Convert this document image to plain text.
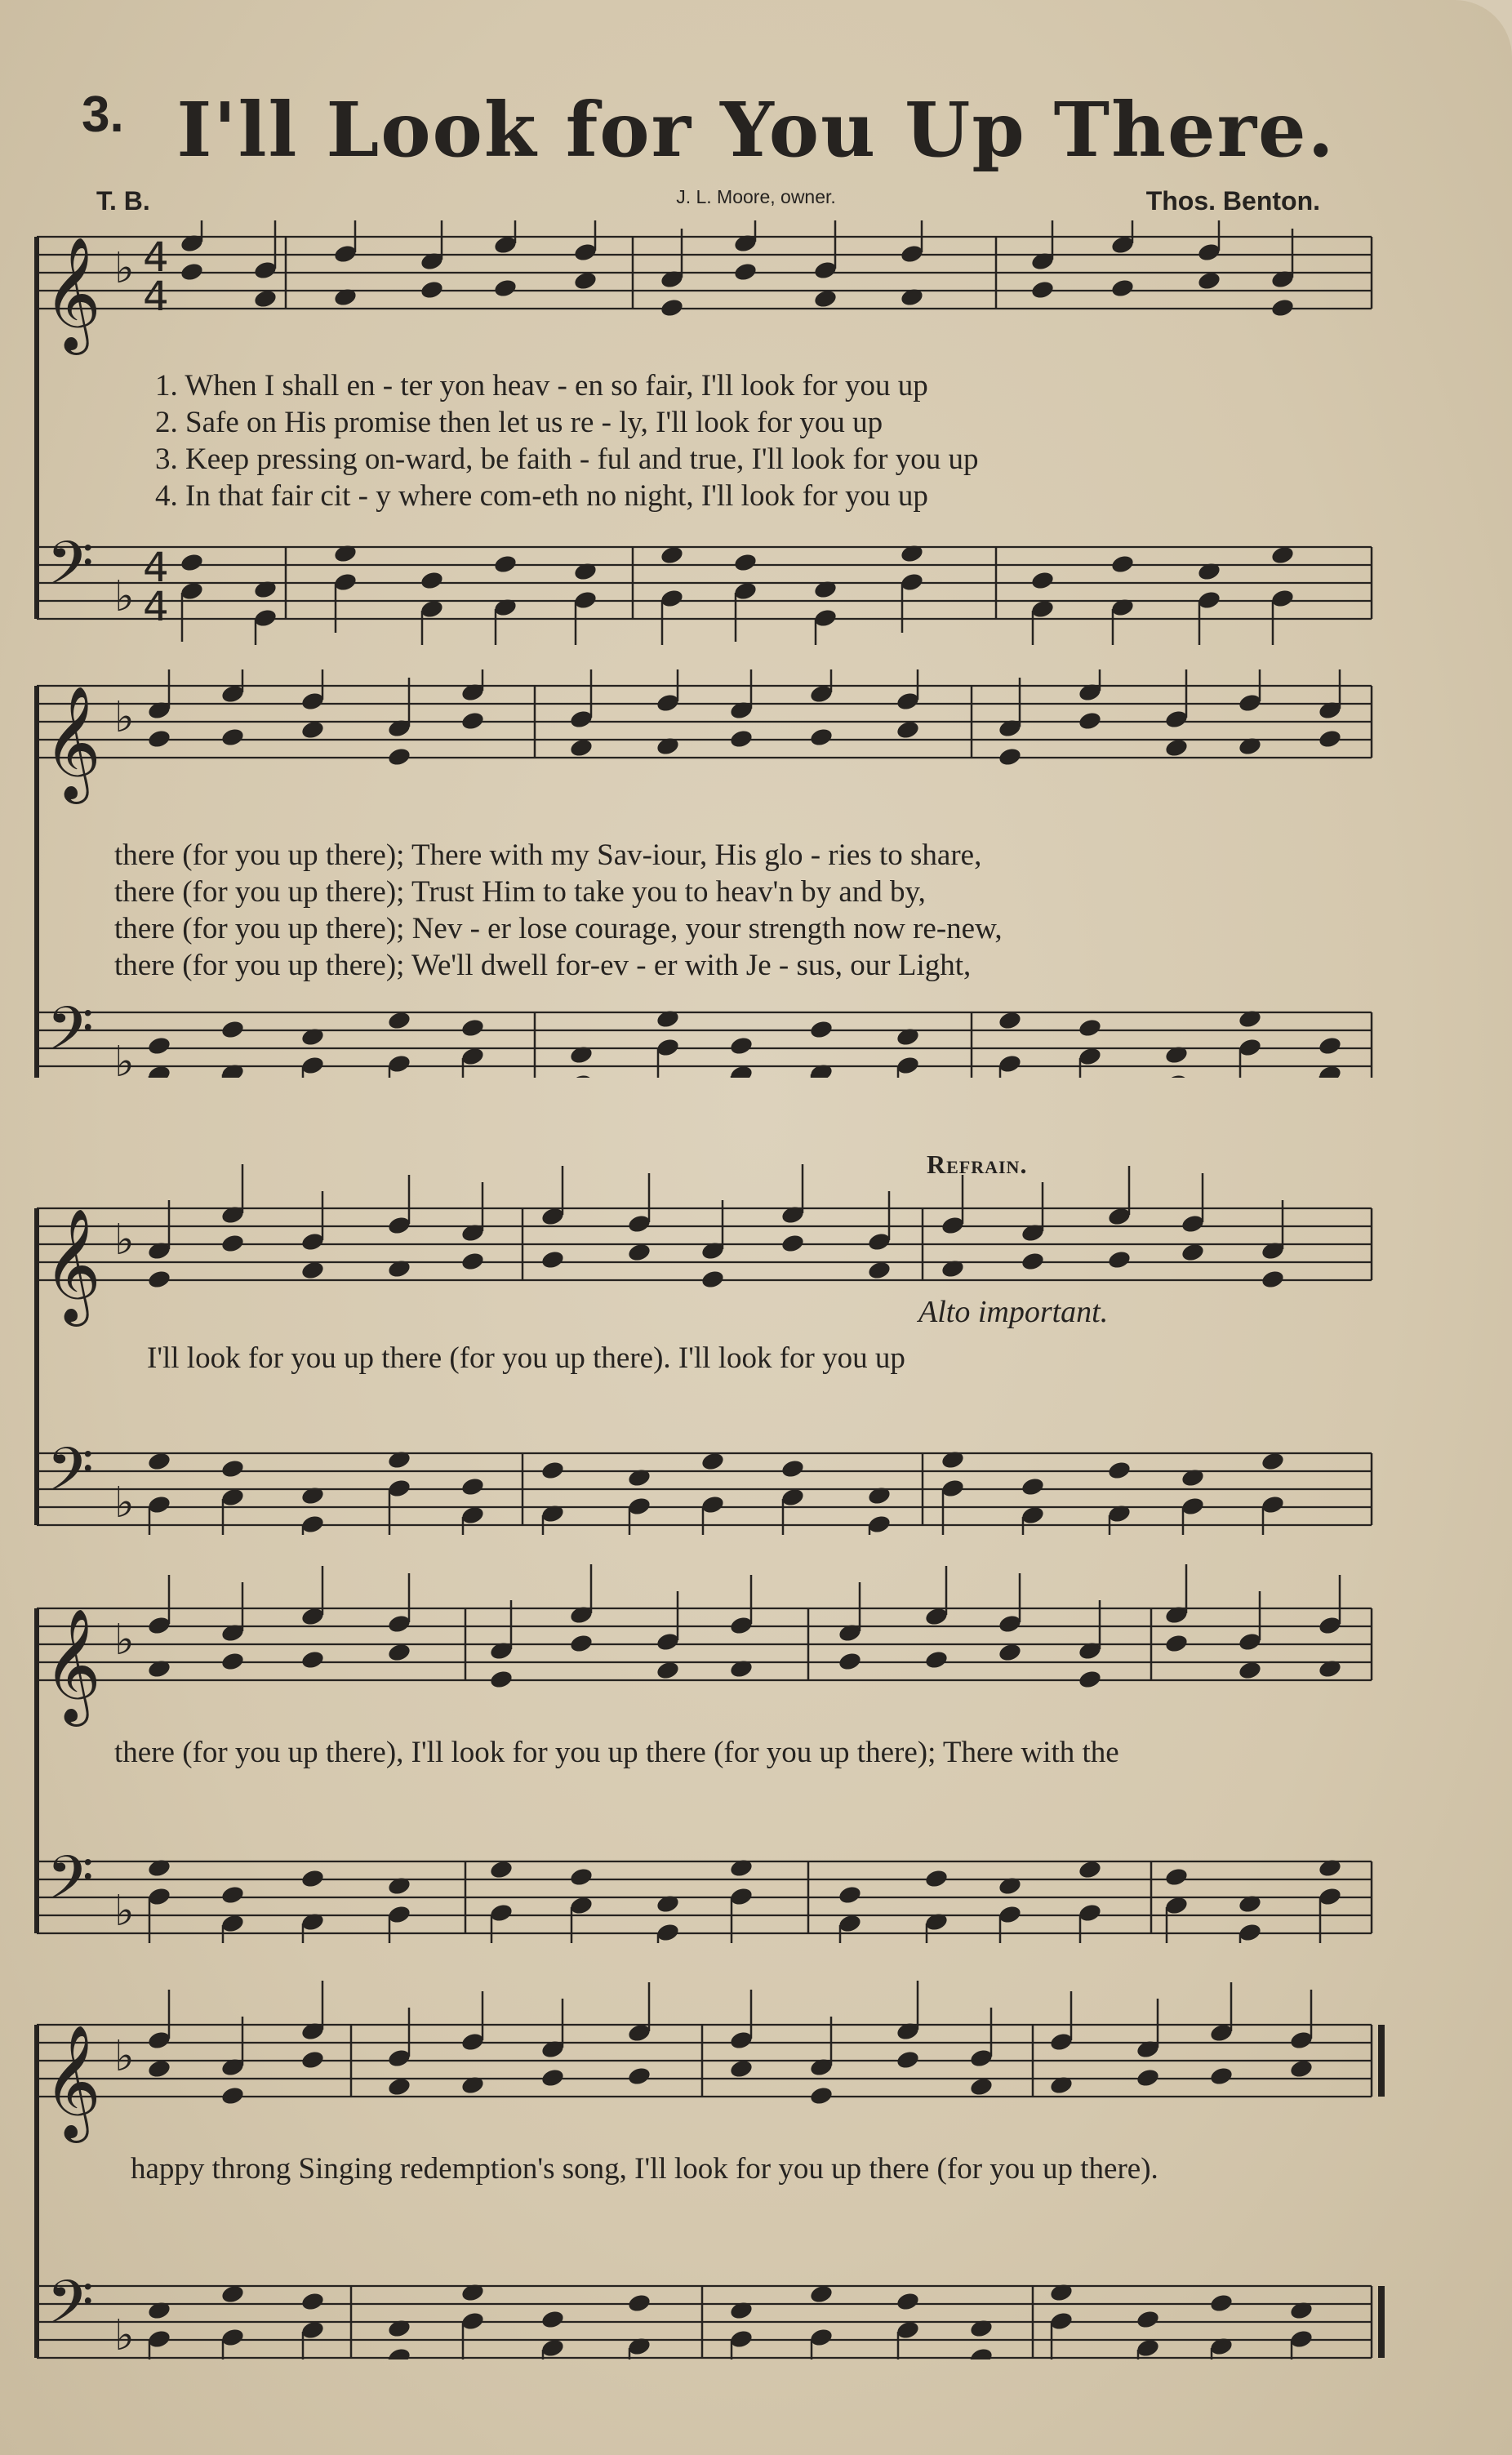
3. I'll Look for You Up There.
T. B.	J. L. Moore, owner.	Thos. Benton.
𝄞 ♭ 4
4
𝄢 ♭
4
4
1. When I shall en - ter yon heav - en so fair, I'll look for you up
2. Safe on His promise then let us re - ly, I'll look for you up
3. Keep pressing on-ward, be faith - ful and true, I'll look for you up
4. In that fair cit - y where com-eth no night, I'll look for you up
𝄞 ♭
𝄢 ♭
there (for you up there); There with my Sav-iour, His glo - ries to share,
there (for you up there); Trust Him to take you to heav'n by and by,
there (for you up there); Nev - er lose courage, your strength now re-new,
there (for you up there); We'll dwell for-ev - er with Je - sus, our Light,
Refrain.
𝄞 ♭
𝄢 ♭
Alto important.
I'll look for you up there (for you up there). I'll look for you up
𝄞 ♭
𝄢 ♭
there (for you up there), I'll look for you up there (for you up there); There with the
𝄞 ♭
𝄢 ♭
happy throng Singing redemption's song, I'll look for you up there (for you up there).
